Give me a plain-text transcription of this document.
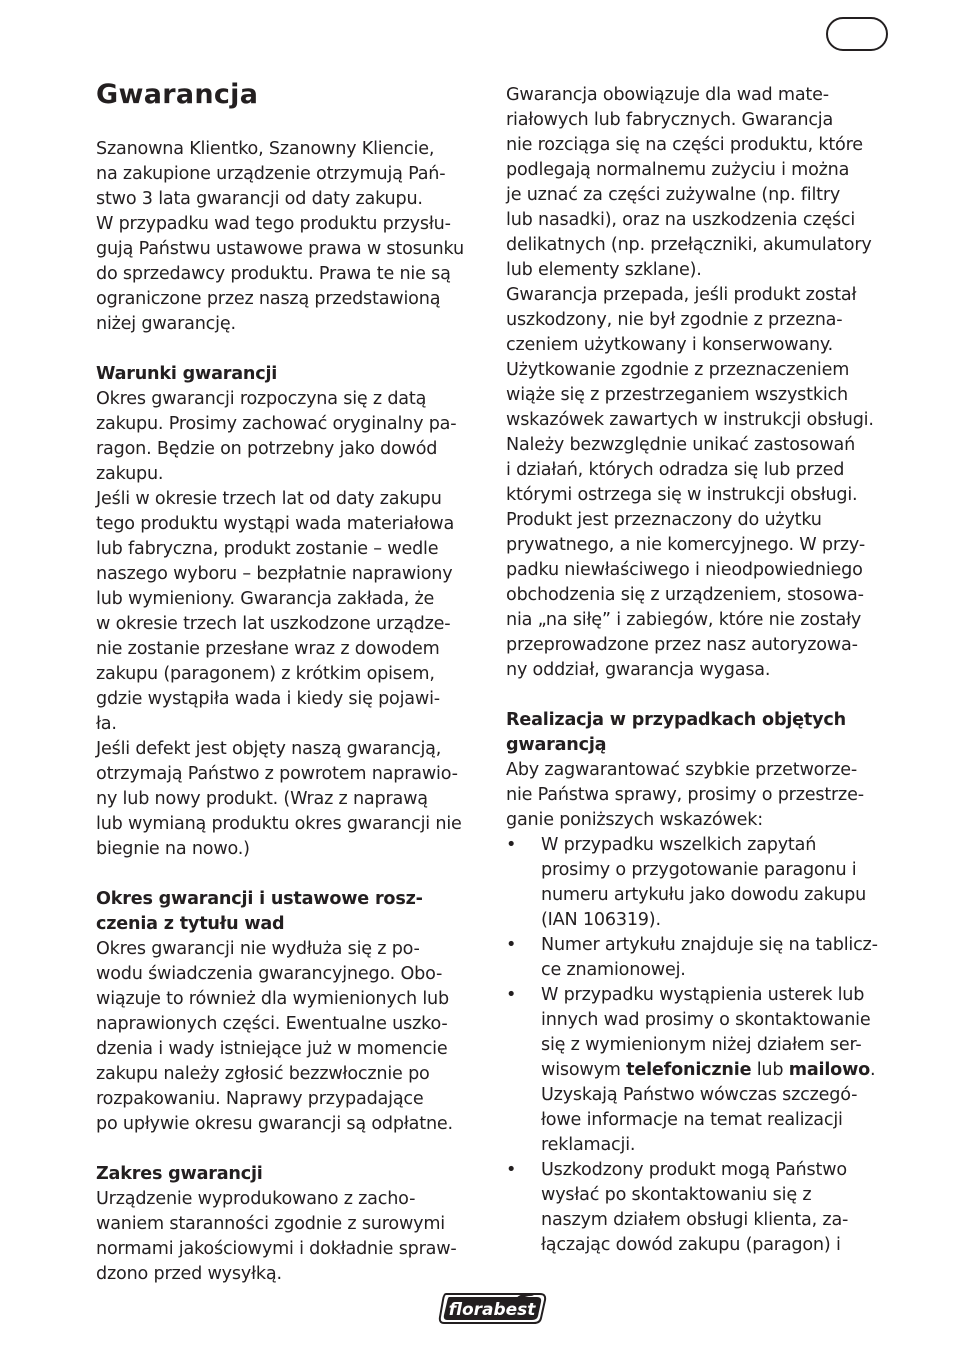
Gwarancja

Szanowna Klientko, Szanowny Kliencie,
na zakupione urządzenie otrzymują Pań-
stwo 3 lata gwarancji od daty zakupu.
W przypadku wad tego produktu przysłu-
gują Państwu ustawowe prawa w stosunku
do sprzedawcy produktu. Prawa te nie są
ograniczone przez naszą przedstawioną
niżej gwarancję.

Warunki gwarancji

Okres gwarancji rozpoczyna się z datą
zakupu. Prosimy zachować oryginalny pa-
ragon. Będzie on potrzebny jako dowód
zakupu.

Jeśli w okresie trzech lat od daty zakupu
tego produktu wystąpi wada materiałowa
lub fabryczna, produkt zostanie – wedle
naszego wyboru – bezpłatnie naprawiony
lub wymieniony. Gwarancja zakłada, że
w okresie trzech lat uszkodzone urządze-
nie zostanie przesłane wraz z dowodem
zakupu (paragonem) z krótkim opisem,
gdzie wystąpiła wada i kiedy się pojawi-
ła.

Jeśli defekt jest objęty naszą gwarancją,
otrzymają Państwo z powrotem naprawio-
ny lub nowy produkt. (Wraz z naprawą
lub wymianą produktu okres gwarancji nie
biegnie na nowo.)

Okres gwarancji i ustawowe rosz-
czenia z tytułu wad

Okres gwarancji nie wydłuża się z po-
wodu świadczenia gwarancyjnego. Obo-
wiązuje to również dla wymienionych lub
naprawionych części. Ewentualne uszko-
dzenia i wady istniejące już w momencie
zakupu należy zgłosić bezzwłocznie po
rozpakowaniu. Naprawy przypadające
po upływie okresu gwarancji są odpłatne.

Zakres gwarancji

Urządzenie wyprodukowano z zacho-
waniem staranności zgodnie z surowymi
normami jakościowymi i dokładnie spraw-
dzono przed wysyłką.

Gwarancja obowiązuje dla wad mate-
riałowych lub fabrycznych. Gwarancja
nie rozciąga się na części produktu, które
podlegają normalnemu zużyciu i można
je uznać za części zużywalne (np. filtry
lub nasadki), oraz na uszkodzenia części
delikatnych (np. przełączniki, akumulatory
lub elementy szklane).

Gwarancja przepada, jeśli produkt został
uszkodzony, nie był zgodnie z przezna-
czeniem użytkowany i konserwowany.
Użytkowanie zgodnie z przeznaczeniem
wiąże się z przestrzeganiem wszystkich
wskazówek zawartych w instrukcji obsługi.
Należy bezwzględnie unikać zastosowań
i działań, których odradza się lub przed
którymi ostrzega się w instrukcji obsługi.
Produkt jest przeznaczony do użytku
prywatnego, a nie komercyjnego. W przy-
padku niewłaściwego i nieodpowiedniego
obchodzenia się z urządzeniem, stosowa-
nia „na siłę” i zabiegów, które nie zostały
przeprowadzone przez nasz autoryzowa-
ny oddział, gwarancja wygasa.

Realizacja w przypadkach objętych
gwarancją

Aby zagwarantować szybkie przetworze-
nie Państwa sprawy, prosimy o przestrze-
ganie poniższych wskazówek:

• W przypadku wszelkich zapytań
prosimy o przygotowanie paragonu i
numeru artykułu jako dowodu zakupu
(IAN 106319).
• Numer artykułu znajduje się na tablicz-
ce znamionowej.
• W przypadku wystąpienia usterek lub
innych wad prosimy o skontaktowanie
się z wymienionym niżej działem ser-
wisowym telefonicznie lub mailowo.
Uzyskają Państwo wówczas szczegó-
łowe informacje na temat realizacji
reklamacji.
• Uszkodzony produkt mogą Państwo
wysłać po skontaktowaniu się z
naszym działem obsługi klienta, za-
łączając dowód zakupu (paragon) i
florabest
